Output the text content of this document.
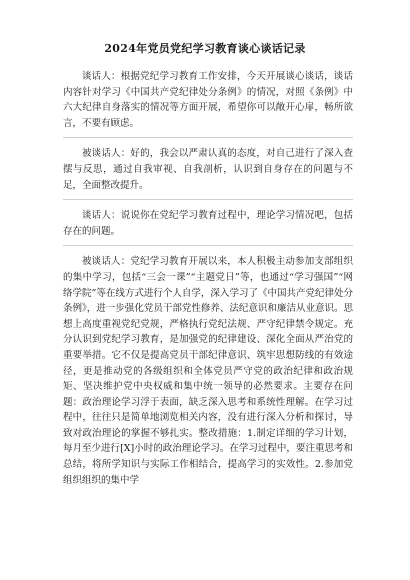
2024年党员党纪学习教育谈心谈话记录

谈话人：根据党纪学习教育工作安排，今天开展谈心谈话，谈话内容针对学习《中国共产党纪律处分条例》的情况，对照《条例》中六大纪律自身落实的情况等方面开展，希望你可以敞开心扉，畅所欲言，不要有顾虑。

被谈话人：好的，我会以严肃认真的态度，对自己进行了深入查摆与反思，通过自我审视、自我剖析，认识到自身存在的问题与不足，全面整改提升。

谈话人：说说你在党纪学习教育过程中，理论学习情况吧，包括存在的问题。

被谈话人：党纪学习教育开展以来，本人积极主动参加支部组织的集中学习，包括“三会一课”“主题党日”等，也通过“学习强国”“网络学院”等在线方式进行个人自学，深入学习了《中国共产党纪律处分条例》，进一步强化党员干部党性修养、法纪意识和廉洁从业意识。思想上高度重视党纪党规，严格执行党纪法规、严守纪律禁令规定。充分认识到党纪学习教育，是加强党的纪律建设、深化全面从严治党的重要举措。它不仅是提高党员干部纪律意识、筑牢思想防线的有效途径，更是推动党的各级组织和全体党员严守党的政治纪律和政治规矩、坚决维护党中央权威和集中统一领导的必然要求。主要存在问题：政治理论学习浮于表面，缺乏深入思考和系统性理解。在学习过程中，往往只是简单地浏览相关内容，没有进行深入分析和探讨，导致对政治理论的掌握不够扎实。整改措施：1.制定详细的学习计划，每月至少进行[X]小时的政治理论学习。在学习过程中，要注重思考和总结，将所学知识与实际工作相结合，提高学习的实效性。2.参加党组织组织的集中学
